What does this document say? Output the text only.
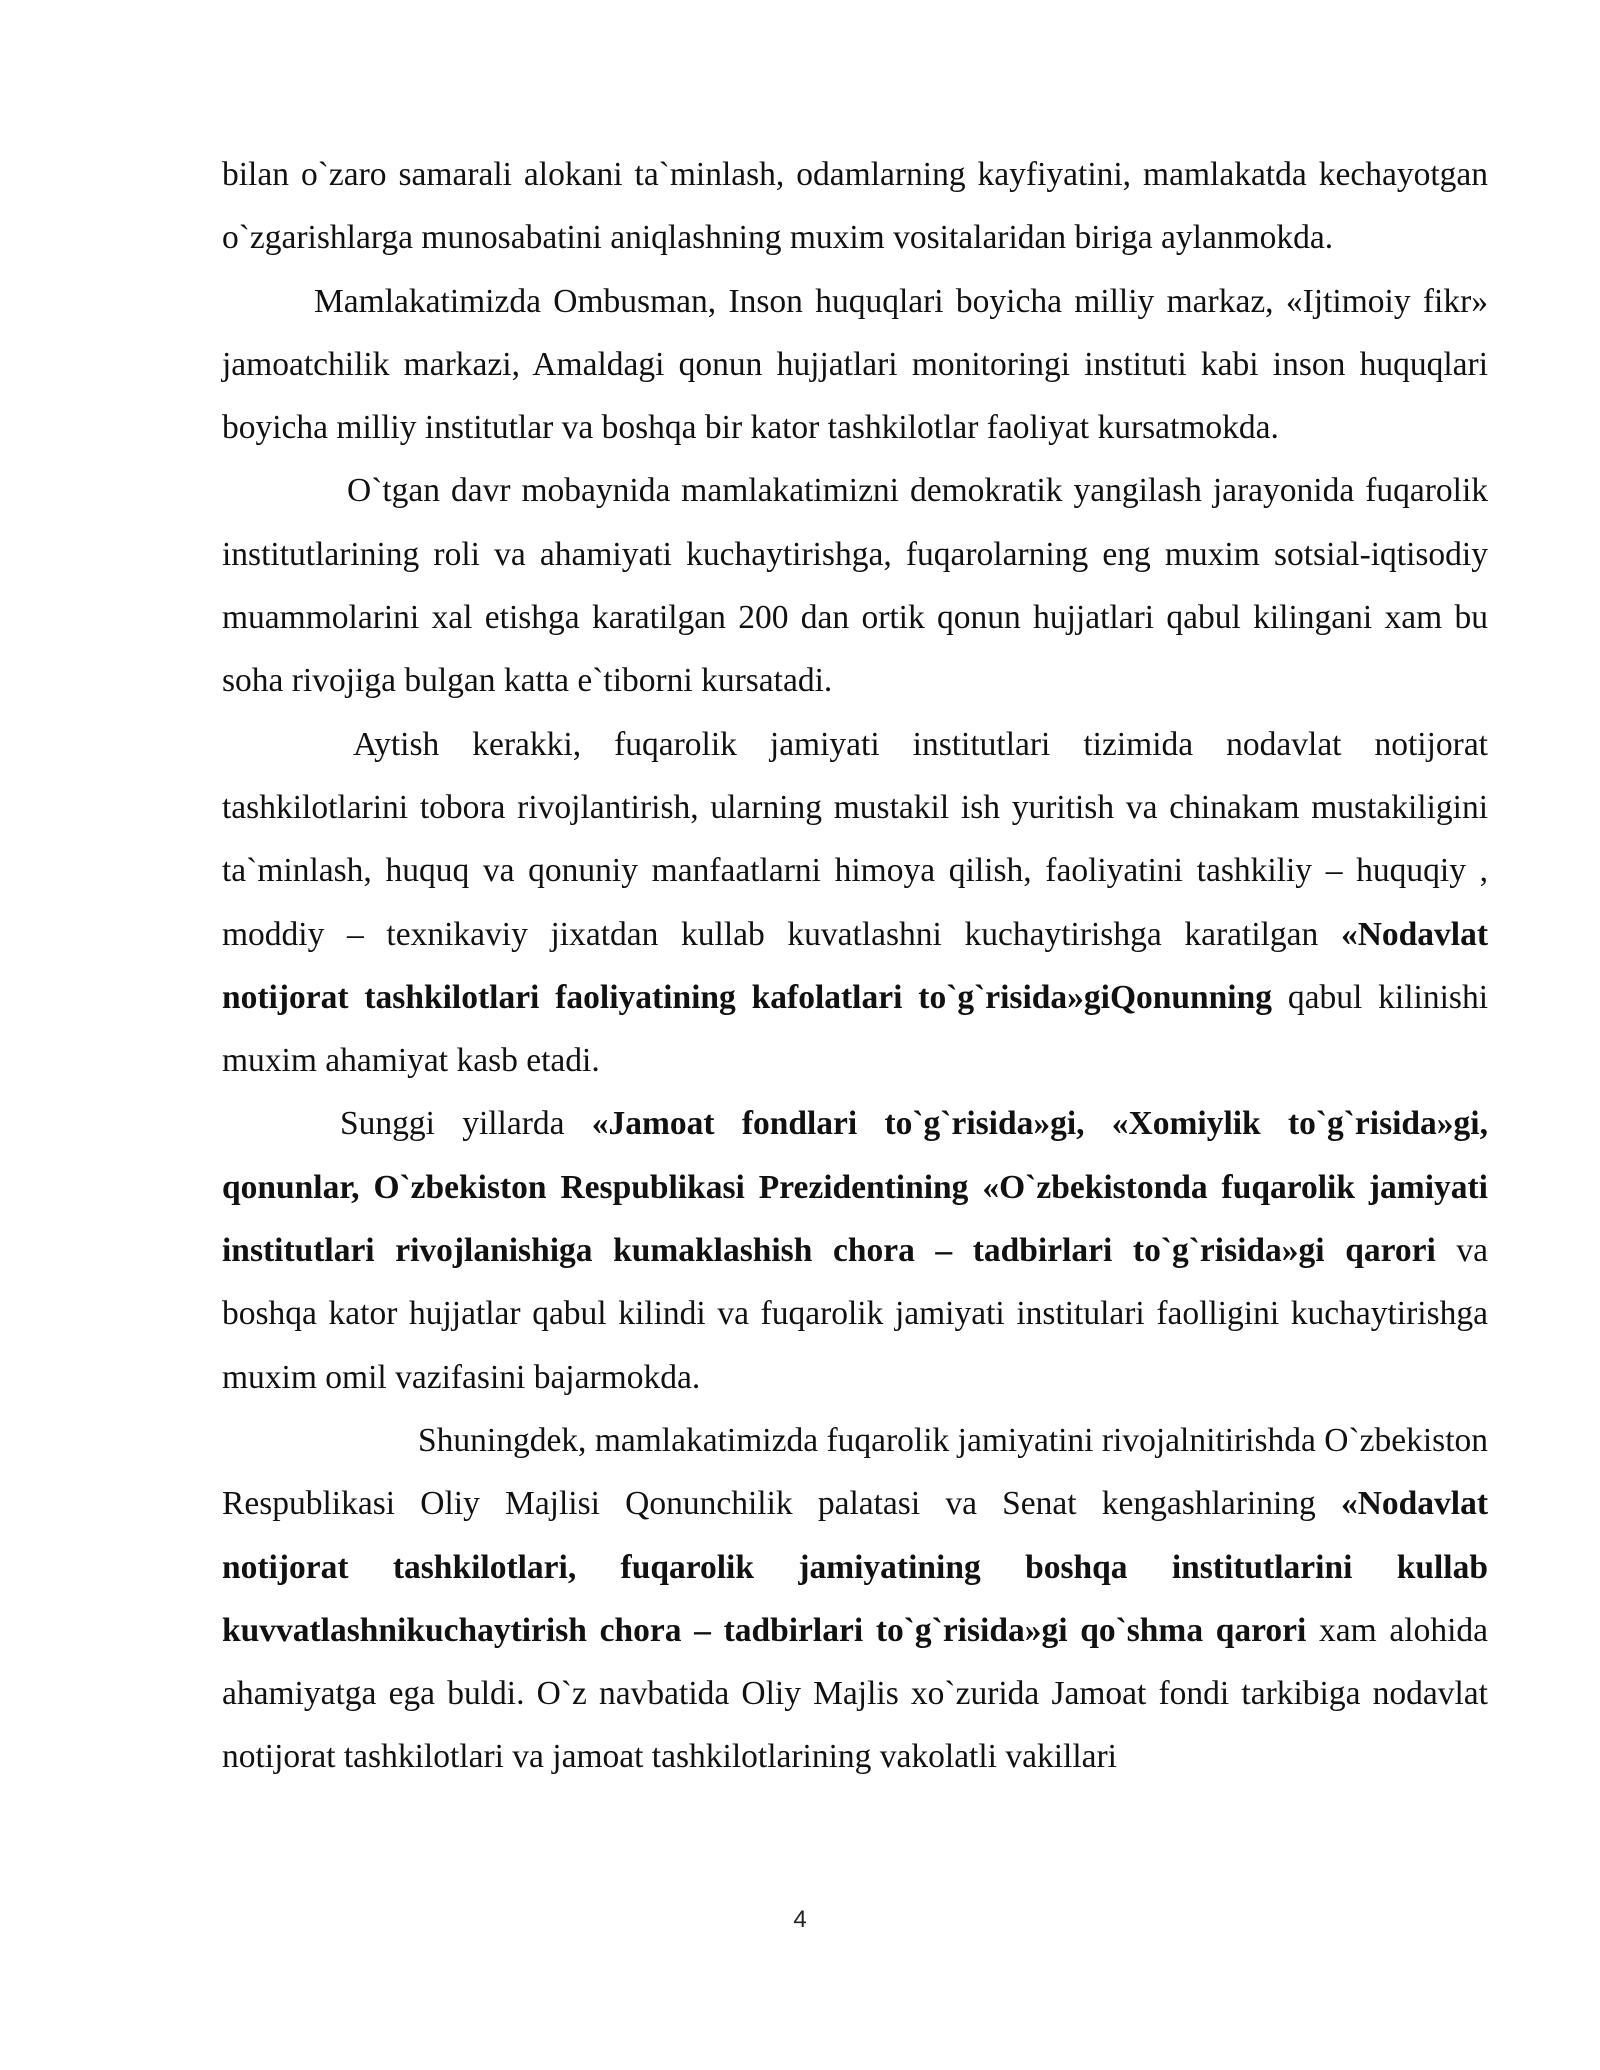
bilan o`zaro samarali alokani ta`minlash, odamlarning kayfiyatini, mamlakatda kechayotgan o`zgarishlarga munosabatini aniqlashning muxim vositalaridan biriga aylanmokda.

Mamlakatimizda Ombusman, Inson huquqlari boyicha milliy markaz, «Ijtimoiy fikr» jamoatchilik markazi, Amaldagi qonun hujjatlari monitoringi instituti kabi inson huquqlari boyicha milliy institutlar va boshqa bir kator tashkilotlar faoliyat kursatmokda.

O`tgan davr mobaynida mamlakatimizni demokratik yangilash jarayonida fuqarolik institutlarining roli va ahamiyati kuchaytirishga, fuqarolarning eng muxim sotsial-iqtisodiy muammolarini xal etishga karatilgan 200 dan ortik qonun hujjatlari qabul kilingani xam bu soha rivojiga bulgan katta e`tiborni kursatadi.

Aytish kerakki, fuqarolik jamiyati institutlari tizimida nodavlat notijorat tashkilotlarini tobora rivojlantirish, ularning mustakil ish yuritish va chinakam mustakiligini ta`minlash, huquq va qonuniy manfaatlarni himoya qilish, faoliyatini tashkiliy – huquqiy , moddiy – texnikaviy jixatdan kullab kuvatlashni kuchaytirishga karatilgan «Nodavlat notijorat tashkilotlari faoliyatining kafolatlari to`g`risida»giQonunning qabul kilinishi muxim ahamiyat kasb etadi.

Sunggi yillarda «Jamoat fondlari to`g`risida»gi, «Xomiylik to`g`risida»gi, qonunlar, O`zbekiston Respublikasi Prezidentining «O`zbekistonda fuqarolik jamiyati institutlari rivojlanishiga kumaklashish chora – tadbirlari to`g`risida»gi qarori va boshqa kator hujjatlar qabul kilindi va fuqarolik jamiyati institulari faolligini kuchaytirishga muxim omil vazifasini bajarmokda.

Shuningdek, mamlakatimizda fuqarolik jamiyatini rivojalnitirishda O`zbekiston Respublikasi Oliy Majlisi Qonunchilik palatasi va Senat kengashlarining «Nodavlat notijorat tashkilotlari, fuqarolik jamiyatining boshqa institutlarini kullab kuvvatlashnikuchaytirish chora – tadbirlari to`g`risida»gi qo`shma qarori xam alohida ahamiyatga ega buldi. O`z navbatida Oliy Majlis xo`zurida Jamoat fondi tarkibiga nodavlat notijorat tashkilotlari va jamoat tashkilotlarining vakolatli vakillari

4
